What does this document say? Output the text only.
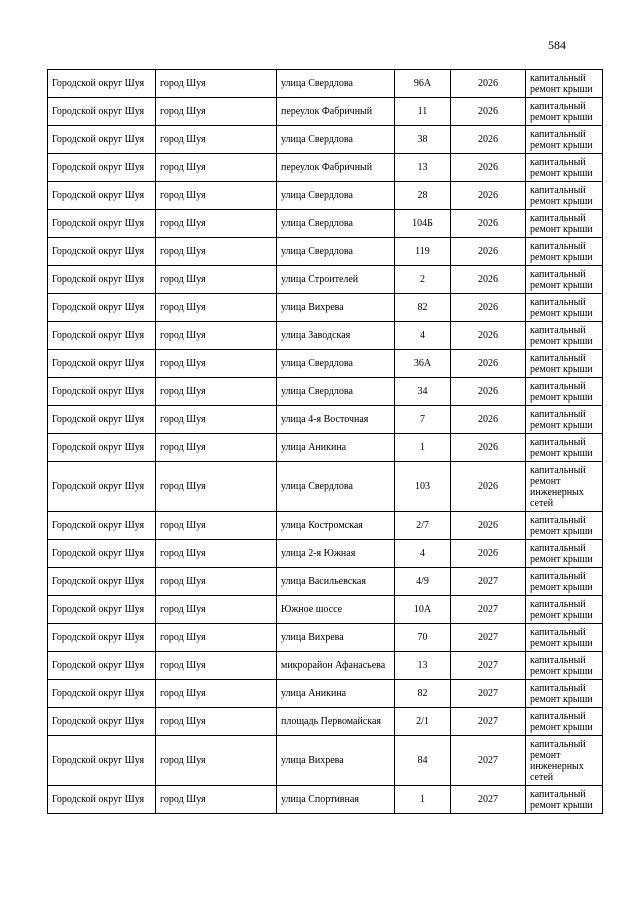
584
Городской округ Шуя	город Шуя	улица Свердлова	96А	2026	капитальный ремонт крыши
Городской округ Шуя	город Шуя	переулок Фабричный	11	2026	капитальный ремонт крыши
Городской округ Шуя	город Шуя	улица Свердлова	38	2026	капитальный ремонт крыши
Городской округ Шуя	город Шуя	переулок Фабричный	13	2026	капитальный ремонт крыши
Городской округ Шуя	город Шуя	улица Свердлова	28	2026	капитальный ремонт крыши
Городской округ Шуя	город Шуя	улица Свердлова	104Б	2026	капитальный ремонт крыши
Городской округ Шуя	город Шуя	улица Свердлова	119	2026	капитальный ремонт крыши
Городской округ Шуя	город Шуя	улица Строителей	2	2026	капитальный ремонт крыши
Городской округ Шуя	город Шуя	улица Вихрева	82	2026	капитальный ремонт крыши
Городской округ Шуя	город Шуя	улица Заводская	4	2026	капитальный ремонт крыши
Городской округ Шуя	город Шуя	улица Свердлова	36А	2026	капитальный ремонт крыши
Городской округ Шуя	город Шуя	улица Свердлова	34	2026	капитальный ремонт крыши
Городской округ Шуя	город Шуя	улица 4-я Восточная	7	2026	капитальный ремонт крыши
Городской округ Шуя	город Шуя	улица Аникина	1	2026	капитальный ремонт крыши
Городской округ Шуя	город Шуя	улица Свердлова	103	2026	капитальный ремонт инженерных сетей
Городской округ Шуя	город Шуя	улица Костромская	2/7	2026	капитальный ремонт крыши
Городской округ Шуя	город Шуя	улица 2-я Южная	4	2026	капитальный ремонт крыши
Городской округ Шуя	город Шуя	улица Васильевская	4/9	2027	капитальный ремонт крыши
Городской округ Шуя	город Шуя	Южное шоссе	10А	2027	капитальный ремонт крыши
Городской округ Шуя	город Шуя	улица Вихрева	70	2027	капитальный ремонт крыши
Городской округ Шуя	город Шуя	микрорайон Афанасьева	13	2027	капитальный ремонт крыши
Городской округ Шуя	город Шуя	улица Аникина	82	2027	капитальный ремонт крыши
Городской округ Шуя	город Шуя	площадь Первомайская	2/1	2027	капитальный ремонт крыши
Городской округ Шуя	город Шуя	улица Вихрева	84	2027	капитальный ремонт инженерных сетей
Городской округ Шуя	город Шуя	улица Спортивная	1	2027	капитальный ремонт крыши
